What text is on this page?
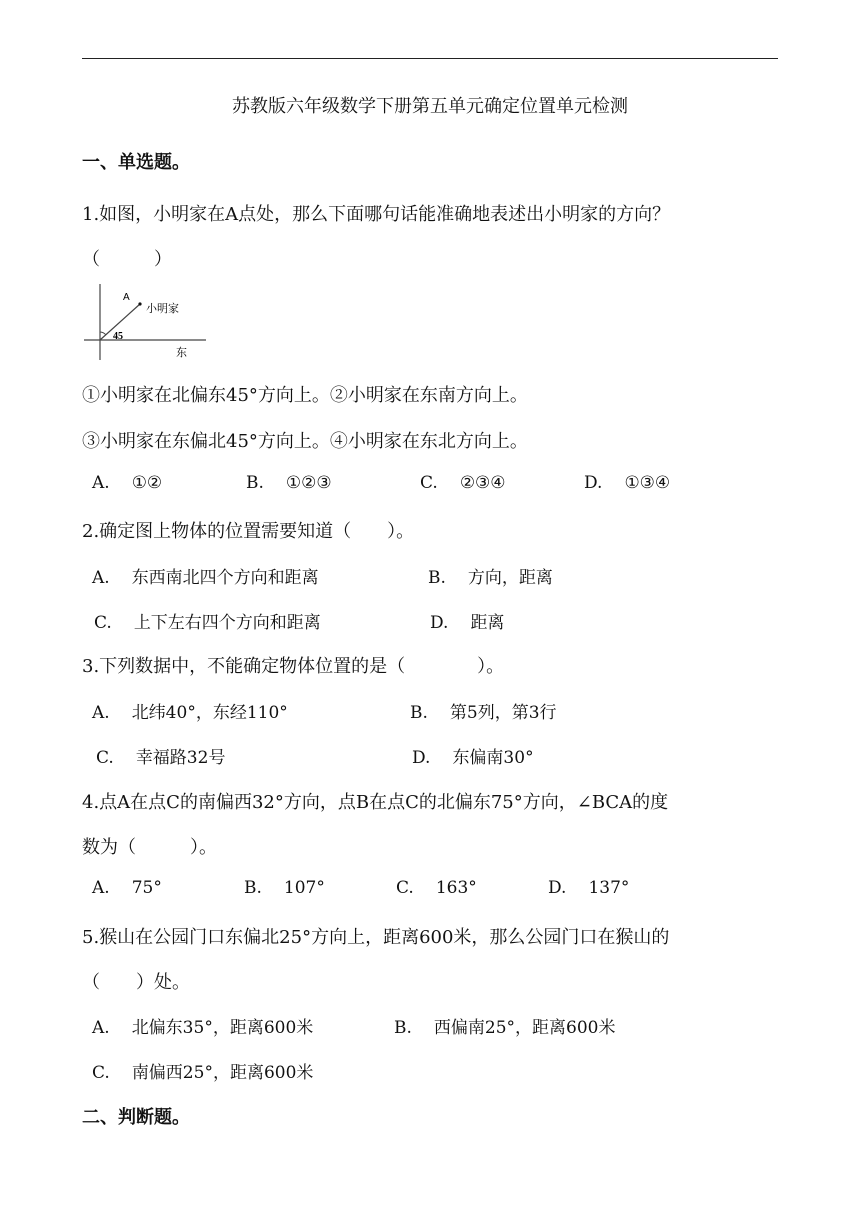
苏教版六年级数学下册第五单元确定位置单元检测
一、单选题。
1.如图，小明家在A点处，那么下面哪句话能准确地表述出小明家的方向？
（　　　）
A
小明家
45
东
①小明家在北偏东45°方向上。②小明家在东南方向上。
③小明家在东偏北45°方向上。④小明家在东北方向上。
A. ①②	B. ①②③	C. ②③④	D. ①③④
2.确定图上物体的位置需要知道（　　）。
A. 东西南北四个方向和距离	B. 方向，距离
C. 上下左右四个方向和距离	D. 距离
3.下列数据中，不能确定物体位置的是（　　　　）。
A. 北纬40°，东经110°	B. 第5列，第3行
C. 幸福路32号	D. 东偏南30°
4.点A在点C的南偏西32°方向，点B在点C的北偏东75°方向，∠BCA的度
数为（　　　）。
A. 75°	B. 107°	C. 163°	D. 137°
5.猴山在公园门口东偏北25°方向上，距离600米，那么公园门口在猴山的
（　　）处。
A. 北偏东35°，距离600米	B. 西偏南25°，距离600米
C. 南偏西25°，距离600米
二、判断题。
